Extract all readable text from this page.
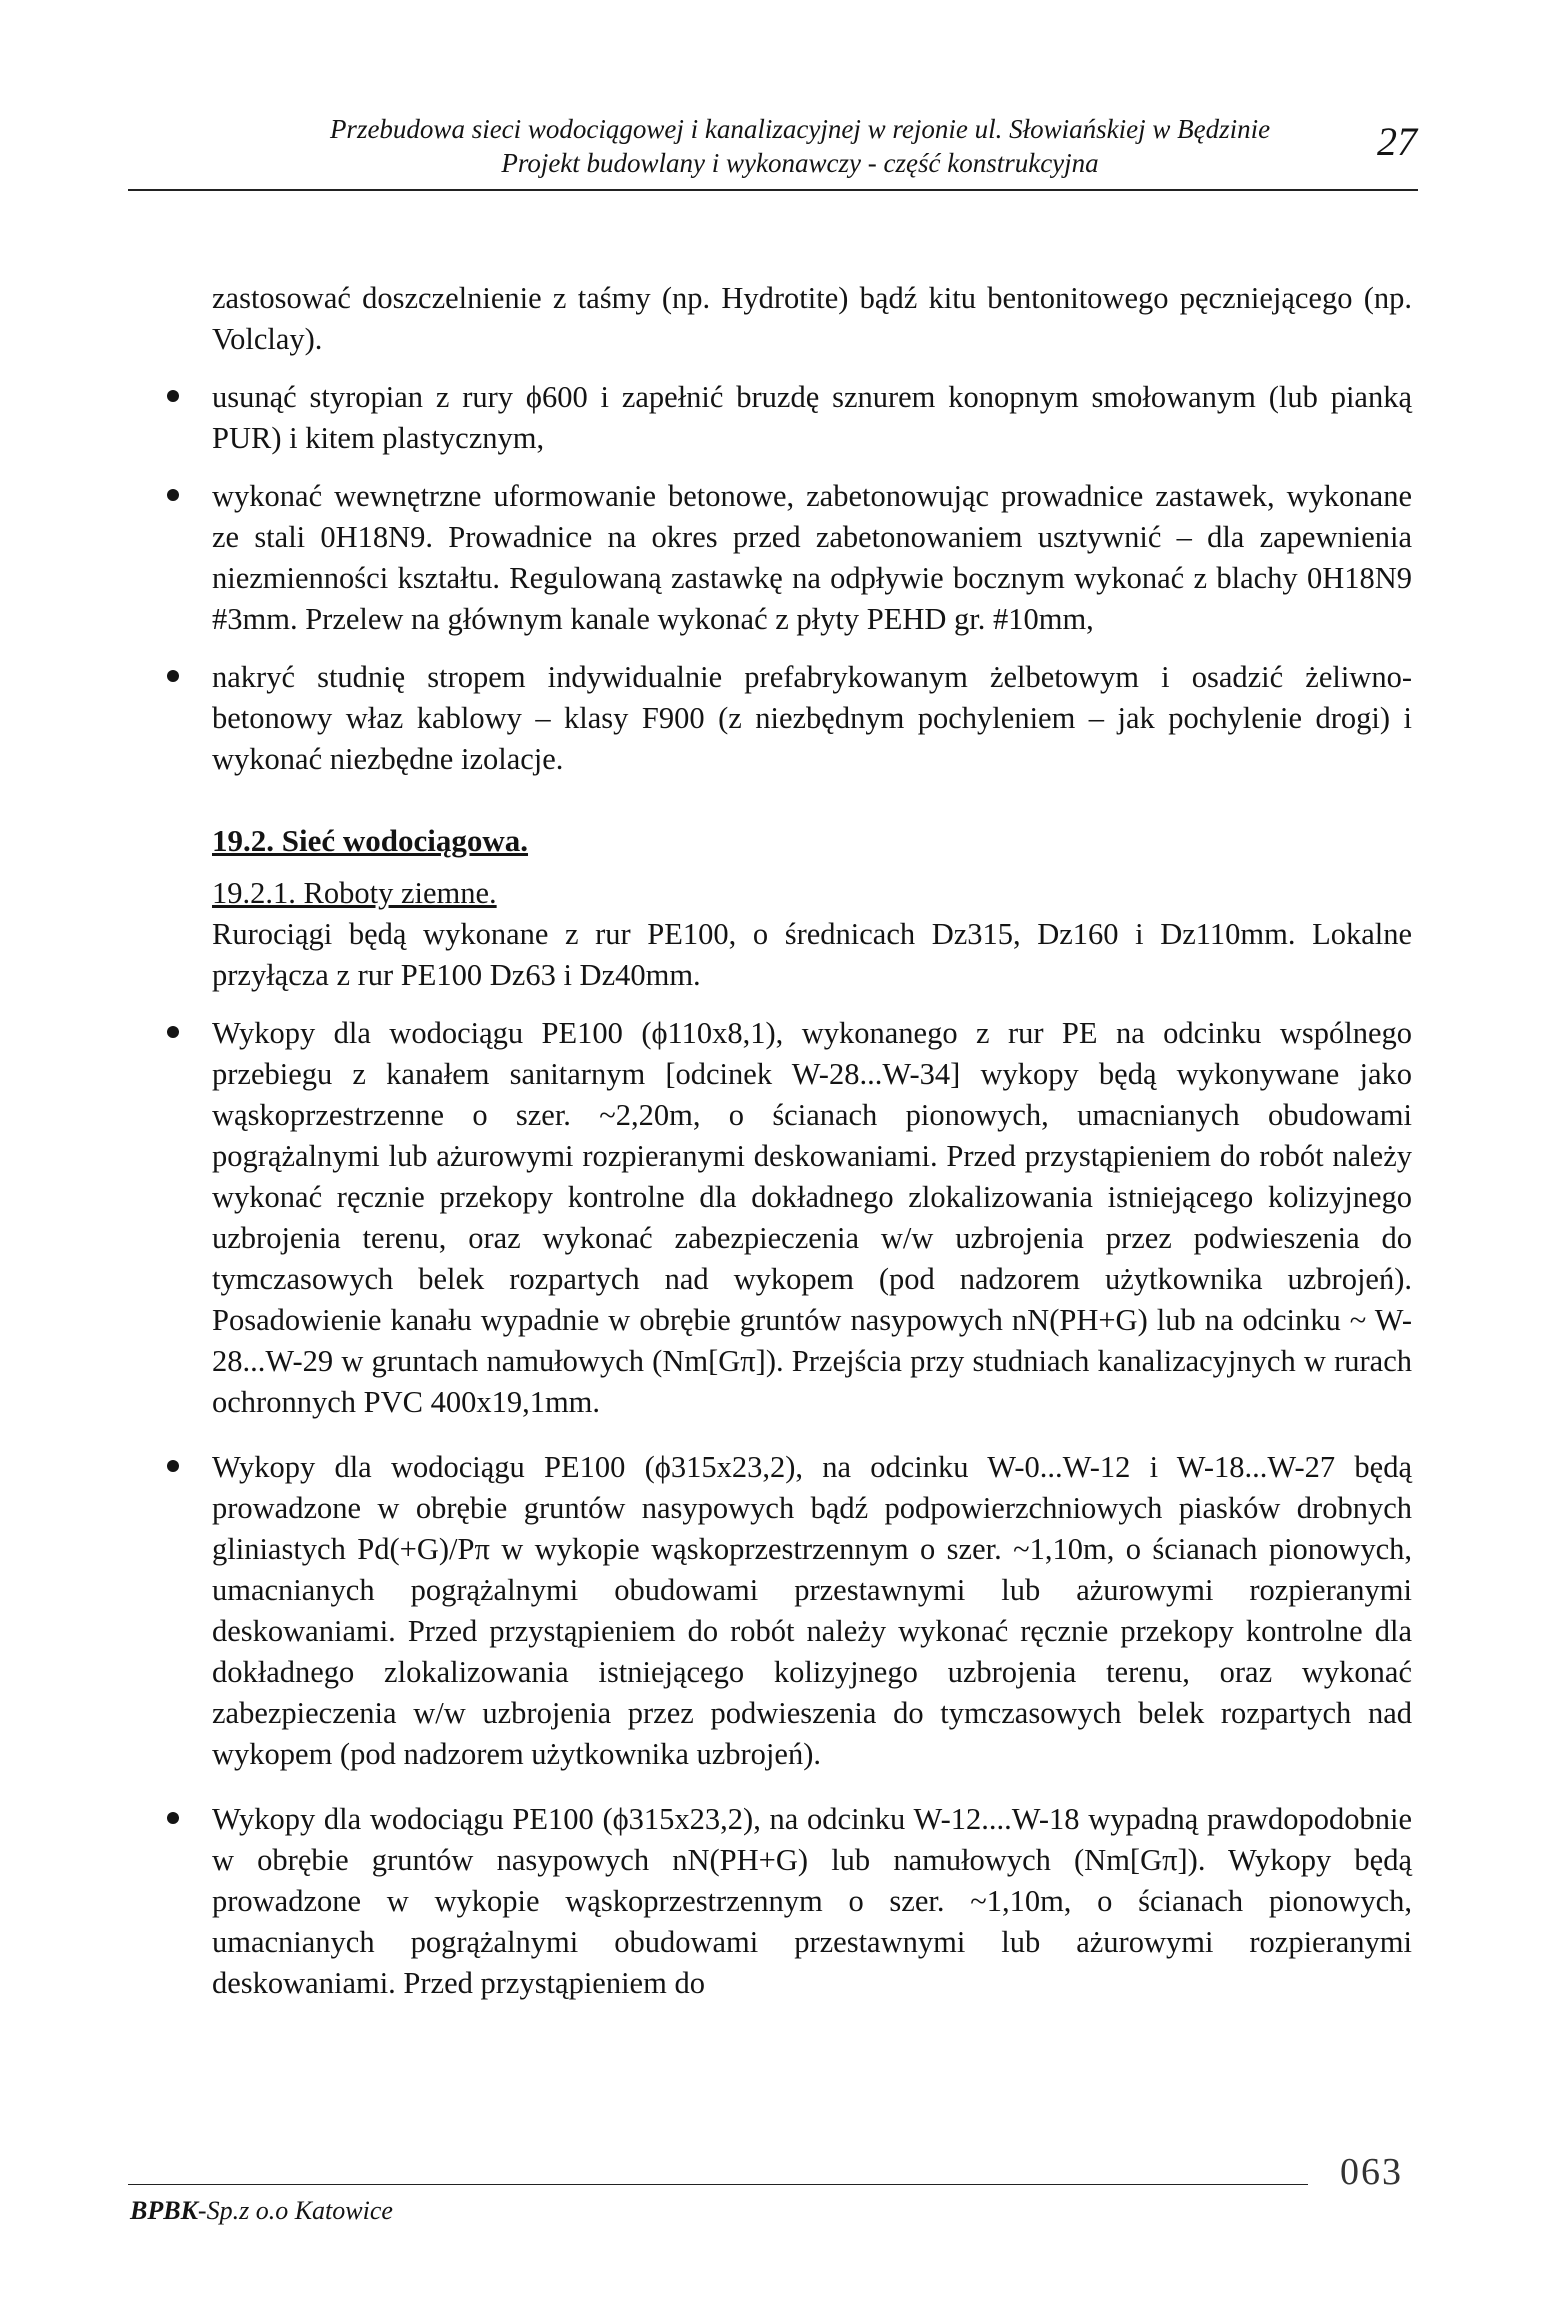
Przebudowa sieci wodociągowej i kanalizacyjnej w rejonie ul. Słowiańskiej w Będzinie
Projekt budowlany i wykonawczy - część konstrukcyjna	27

zastosować doszczelnienie z taśmy (np. Hydrotite) bądź kitu bentonitowego pęczniejącego (np. Volclay).

usunąć styropian z rury ϕ600 i zapełnić bruzdę sznurem konopnym smołowanym (lub pianką PUR) i kitem plastycznym,

wykonać wewnętrzne uformowanie betonowe, zabetonowując prowadnice zastawek, wykonane ze stali 0H18N9. Prowadnice na okres przed zabetonowaniem usztywnić – dla zapewnienia niezmienności kształtu. Regulowaną zastawkę na odpływie bocznym wykonać z blachy 0H18N9 #3mm. Przelew na głównym kanale wykonać z płyty PEHD gr. #10mm,

nakryć studnię stropem indywidualnie prefabrykowanym żelbetowym i osadzić żeliwno-betonowy właz kablowy – klasy F900 (z niezbędnym pochyleniem – jak pochylenie drogi) i wykonać niezbędne izolacje.

19.2. Sieć wodociągowa.

19.2.1. Roboty ziemne.

Rurociągi będą wykonane z rur PE100, o średnicach Dz315, Dz160 i Dz110mm. Lokalne przyłącza z rur PE100 Dz63 i Dz40mm.

Wykopy dla wodociągu PE100 (ϕ110x8,1), wykonanego z rur PE na odcinku wspólnego przebiegu z kanałem sanitarnym [odcinek W-28...W-34] wykopy będą wykonywane jako wąskoprzestrzenne o szer. ~2,20m, o ścianach pionowych, umacnianych obudowami pogrążalnymi lub ażurowymi rozpieranymi deskowaniami. Przed przystąpieniem do robót należy wykonać ręcznie przekopy kontrolne dla dokładnego zlokalizowania istniejącego kolizyjnego uzbrojenia terenu, oraz wykonać zabezpieczenia w/w uzbrojenia przez podwieszenia do tymczasowych belek rozpartych nad wykopem (pod nadzorem użytkownika uzbrojeń). Posadowienie kanału wypadnie w obrębie gruntów nasypowych nN(PH+G) lub na odcinku ~ W-28...W-29 w gruntach namułowych (Nm[Gπ]). Przejścia przy studniach kanalizacyjnych w rurach ochronnych PVC 400x19,1mm.

Wykopy dla wodociągu PE100 (ϕ315x23,2), na odcinku W-0...W-12 i W-18...W-27 będą prowadzone w obrębie gruntów nasypowych bądź podpowierzchniowych piasków drobnych gliniastych Pd(+G)/Pπ w wykopie wąskoprzestrzennym o szer. ~1,10m, o ścianach pionowych, umacnianych pogrążalnymi obudowami przestawnymi lub ażurowymi rozpieranymi deskowaniami. Przed przystąpieniem do robót należy wykonać ręcznie przekopy kontrolne dla dokładnego zlokalizowania istniejącego kolizyjnego uzbrojenia terenu, oraz wykonać zabezpieczenia w/w uzbrojenia przez podwieszenia do tymczasowych belek rozpartych nad wykopem (pod nadzorem użytkownika uzbrojeń).

Wykopy dla wodociągu PE100 (ϕ315x23,2), na odcinku W-12....W-18 wypadną prawdopodobnie w obrębie gruntów nasypowych nN(PH+G) lub namułowych (Nm[Gπ]). Wykopy będą prowadzone w wykopie wąskoprzestrzennym o szer. ~1,10m, o ścianach pionowych, umacnianych pogrążalnymi obudowami przestawnymi lub ażurowymi rozpieranymi deskowaniami. Przed przystąpieniem do

BPBK-Sp.z o.o Katowice
063
